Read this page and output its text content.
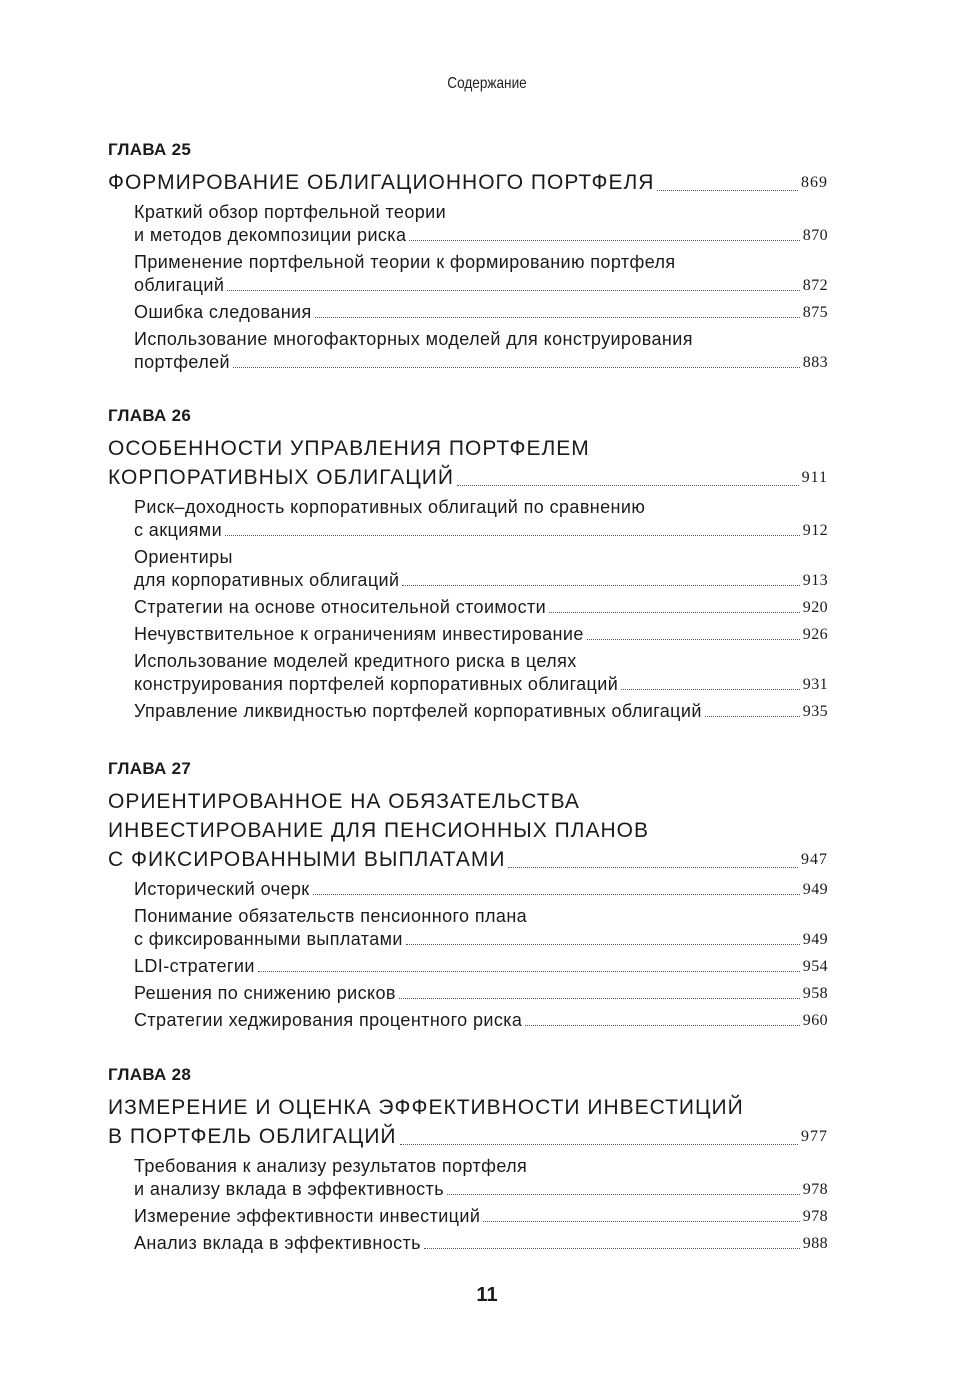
Содержание
ГЛАВА 25
ФОРМИРОВАНИЕ ОБЛИГАЦИОННОГО ПОРТФЕЛЯ	869
Краткий обзор портфельной теории
и методов декомпозиции риска	870
Применение портфельной теории к формированию портфеля
облигаций	872
Ошибка следования	875
Использование многофакторных моделей для конструирования
портфелей	883
ГЛАВА 26
ОСОБЕННОСТИ УПРАВЛЕНИЯ ПОРТФЕЛЕМ
КОРПОРАТИВНЫХ ОБЛИГАЦИЙ	911
Риск–доходность корпоративных облигаций по сравнению
с акциями	912
Ориентиры
для корпоративных облигаций	913
Стратегии на основе относительной стоимости	920
Нечувствительное к ограничениям инвестирование	926
Использование моделей кредитного риска в целях
конструирования портфелей корпоративных облигаций	931
Управление ликвидностью портфелей корпоративных облигаций	935
ГЛАВА 27
ОРИЕНТИРОВАННОЕ НА ОБЯЗАТЕЛЬСТВА
ИНВЕСТИРОВАНИЕ ДЛЯ ПЕНСИОННЫХ ПЛАНОВ
С ФИКСИРОВАННЫМИ ВЫПЛАТАМИ	947
Исторический очерк	949
Понимание обязательств пенсионного плана
с фиксированными выплатами	949
LDI-стратегии	954
Решения по снижению рисков	958
Стратегии хеджирования процентного риска	960
ГЛАВА 28
ИЗМЕРЕНИЕ И ОЦЕНКА ЭФФЕКТИВНОСТИ ИНВЕСТИЦИЙ
В ПОРТФЕЛЬ ОБЛИГАЦИЙ	977
Требования к анализу результатов портфеля
и анализу вклада в эффективность	978
Измерение эффективности инвестиций	978
Анализ вклада в эффективность	988
11
